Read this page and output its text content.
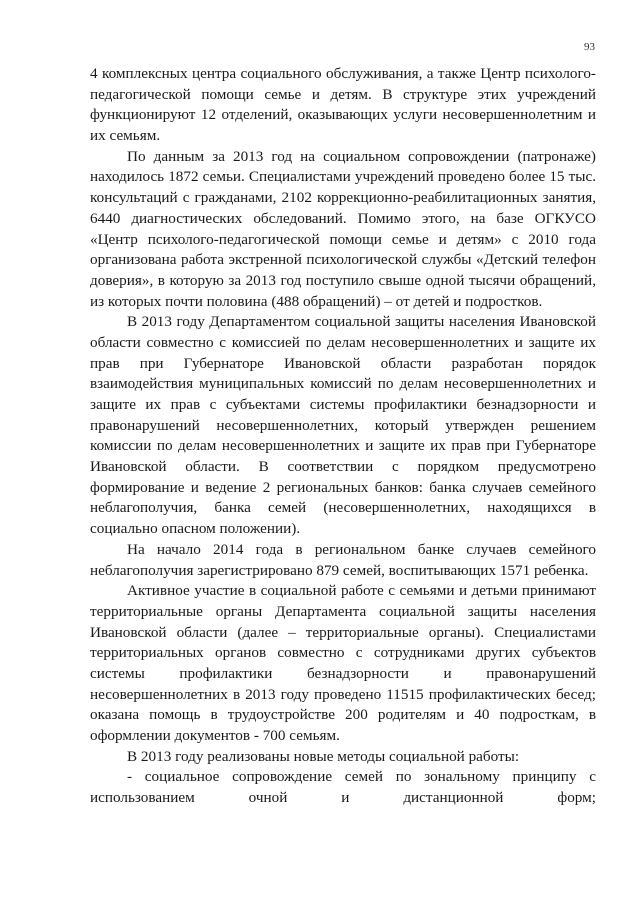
93
4 комплексных центра социального обслуживания, а также Центр психолого-
педагогической помощи семье и детям. В структуре этих учреждений
функционируют 12 отделений, оказывающих услуги несовершеннолетним и
их семьям.
По данным за 2013 год на социальном сопровождении (патронаже)
находилось 1872 семьи. Специалистами учреждений проведено более 15 тыс.
консультаций с гражданами, 2102 коррекционно-реабилитационных занятия,
6440 диагностических обследований. Помимо этого, на базе ОГКУСО
«Центр психолого-педагогической помощи семье и детям» с 2010 года
организована работа экстренной психологической службы «Детский телефон
доверия», в которую за 2013 год поступило свыше одной тысячи обращений,
из которых почти половина (488 обращений) – от детей и подростков.
В 2013 году Департаментом социальной защиты населения Ивановской
области совместно с комиссией по делам несовершеннолетних и защите их
прав при Губернаторе Ивановской области разработан порядок
взаимодействия муниципальных комиссий по делам несовершеннолетних и
защите их прав с субъектами системы профилактики безнадзорности и
правонарушений несовершеннолетних, который утвержден решением
комиссии по делам несовершеннолетних и защите их прав при Губернаторе
Ивановской области. В соответствии с порядком предусмотрено
формирование и ведение 2 региональных банков: банка случаев семейного
неблагополучия, банка семей (несовершеннолетних, находящихся в
социально опасном положении).
На начало 2014 года в региональном банке случаев семейного
неблагополучия зарегистрировано 879 семей, воспитывающих 1571 ребенка.
Активное участие в социальной работе с семьями и детьми принимают
территориальные органы Департамента социальной защиты населения
Ивановской области (далее – территориальные органы). Специалистами
территориальных органов совместно с сотрудниками других субъектов
системы профилактики безнадзорности и правонарушений
несовершеннолетних в 2013 году проведено 11515 профилактических бесед;
оказана помощь в трудоустройстве 200 родителям и 40 подросткам, в
оформлении документов - 700 семьям.
В 2013 году реализованы новые методы социальной работы:
- социальное сопровождение семей по зональному принципу с
использованием очной и дистанционной форм;
